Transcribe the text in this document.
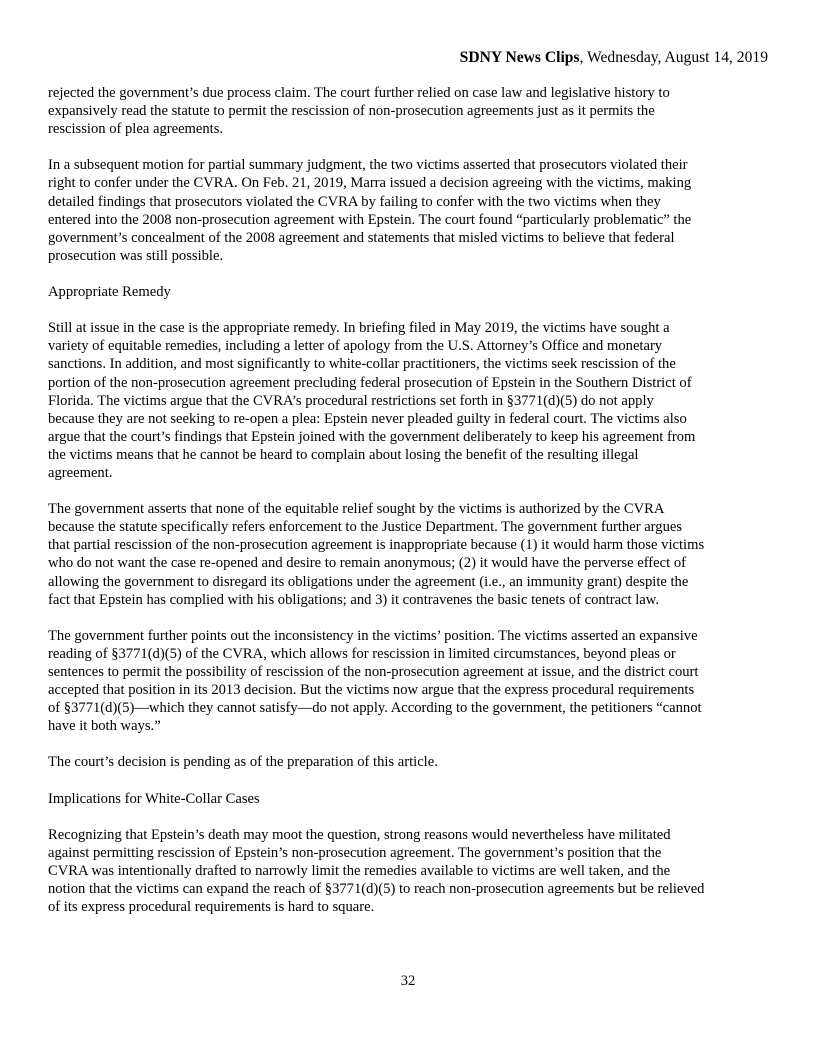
SDNY News Clips, Wednesday, August 14, 2019

rejected the government’s due process claim. The court further relied on case law and legislative history to
expansively read the statute to permit the rescission of non-prosecution agreements just as it permits the
rescission of plea agreements.

In a subsequent motion for partial summary judgment, the two victims asserted that prosecutors violated their
right to confer under the CVRA. On Feb. 21, 2019, Marra issued a decision agreeing with the victims, making
detailed findings that prosecutors violated the CVRA by failing to confer with the two victims when they
entered into the 2008 non-prosecution agreement with Epstein. The court found “particularly problematic” the
government’s concealment of the 2008 agreement and statements that misled victims to believe that federal
prosecution was still possible.

Appropriate Remedy

Still at issue in the case is the appropriate remedy. In briefing filed in May 2019, the victims have sought a
variety of equitable remedies, including a letter of apology from the U.S. Attorney’s Office and monetary
sanctions. In addition, and most significantly to white-collar practitioners, the victims seek rescission of the
portion of the non-prosecution agreement precluding federal prosecution of Epstein in the Southern District of
Florida. The victims argue that the CVRA’s procedural restrictions set forth in §3771(d)(5) do not apply
because they are not seeking to re-open a plea: Epstein never pleaded guilty in federal court. The victims also
argue that the court’s findings that Epstein joined with the government deliberately to keep his agreement from
the victims means that he cannot be heard to complain about losing the benefit of the resulting illegal
agreement.

The government asserts that none of the equitable relief sought by the victims is authorized by the CVRA
because the statute specifically refers enforcement to the Justice Department. The government further argues
that partial rescission of the non-prosecution agreement is inappropriate because (1) it would harm those victims
who do not want the case re-opened and desire to remain anonymous; (2) it would have the perverse effect of
allowing the government to disregard its obligations under the agreement (i.e., an immunity grant) despite the
fact that Epstein has complied with his obligations; and 3) it contravenes the basic tenets of contract law.

The government further points out the inconsistency in the victims’ position. The victims asserted an expansive
reading of §3771(d)(5) of the CVRA, which allows for rescission in limited circumstances, beyond pleas or
sentences to permit the possibility of rescission of the non-prosecution agreement at issue, and the district court
accepted that position in its 2013 decision. But the victims now argue that the express procedural requirements
of §3771(d)(5)—which they cannot satisfy—do not apply. According to the government, the petitioners “cannot
have it both ways.”

The court’s decision is pending as of the preparation of this article.

Implications for White-Collar Cases

Recognizing that Epstein’s death may moot the question, strong reasons would nevertheless have militated
against permitting rescission of Epstein’s non-prosecution agreement. The government’s position that the
CVRA was intentionally drafted to narrowly limit the remedies available to victims are well taken, and the
notion that the victims can expand the reach of §3771(d)(5) to reach non-prosecution agreements but be relieved
of its express procedural requirements is hard to square.

32
